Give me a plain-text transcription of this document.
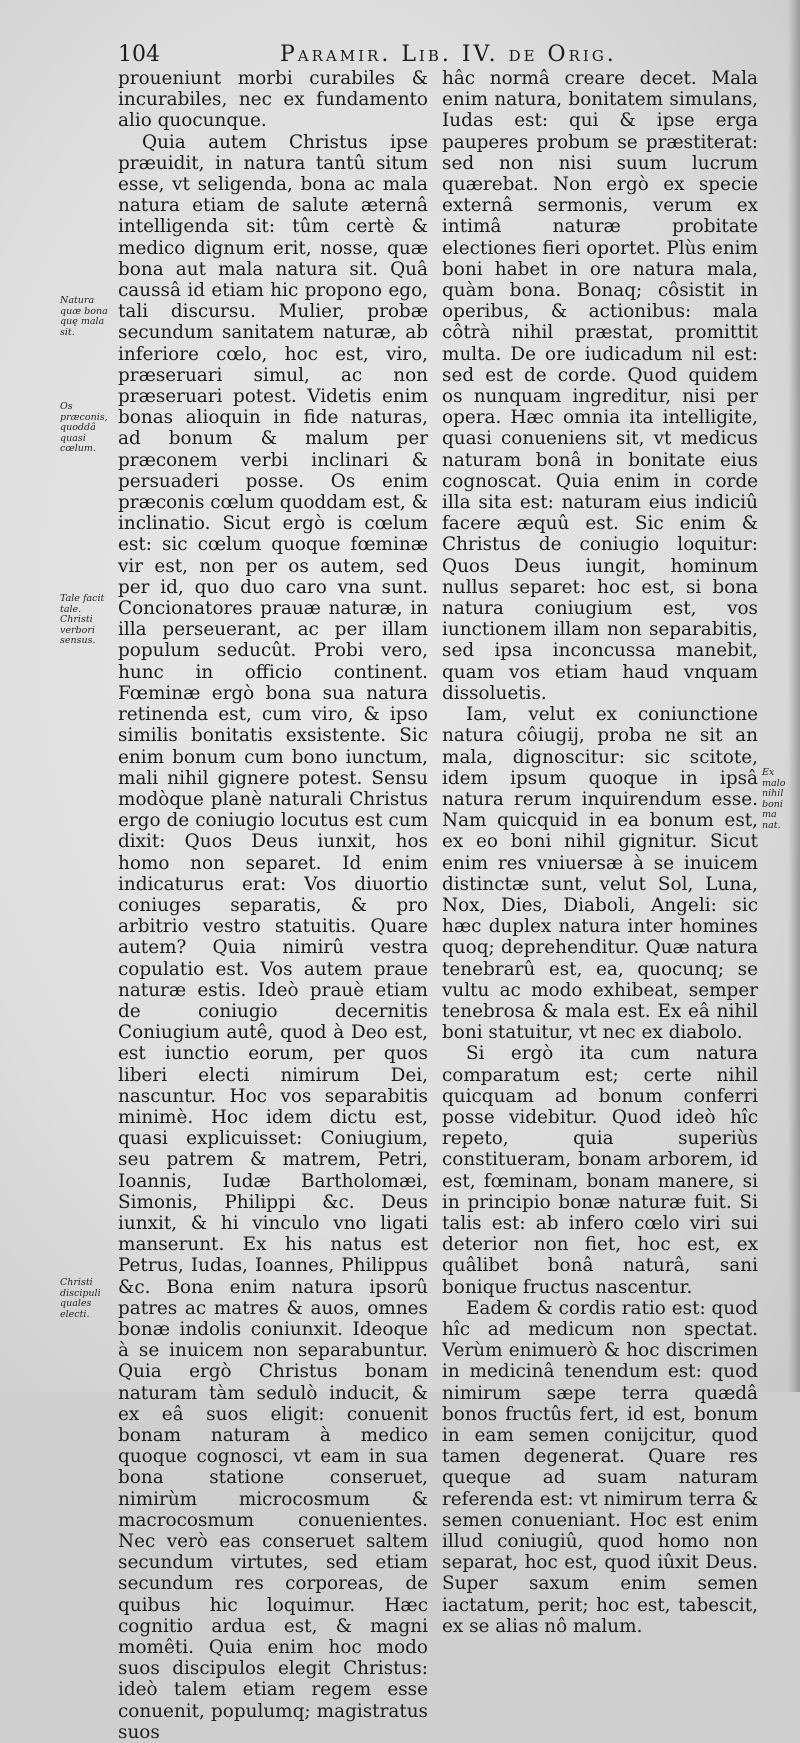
104	Paramir. Lib. IV. de Orig.

proueniunt morbi curabiles & incurabiles, nec ex fundamento alio quocunque.

Quia autem Christus ipse præuidit, in natura tantû situm esse, vt seligenda, bona ac mala natura etiam de salute æternâ intelligenda sit: tûm certè & medico dignum erit, nosse, quæ bona aut mala natura sit. Quâ caussâ id etiam hic propono ego, tali discursu. Mulier, probæ secundum sanitatem naturæ, ab inferiore cœlo, hoc est, viro, præseruari simul, ac non præseruari potest. Videtis enim bonas alioquin in fide naturas, ad bonum & malum per præconem verbi inclinari & persuaderi posse. Os enim præconis cœlum quoddam est, & inclinatio. Sicut ergò is cœlum est: sic cœlum quoque fœminæ vir est, non per os autem, sed per id, quo duo caro vna sunt. Concionatores prauæ naturæ, in illa perseuerant, ac per illam populum seducût. Probi vero, hunc in officio continent. Fœminæ ergò bona sua natura retinenda est, cum viro, & ipso similis bonitatis exsistente. Sic enim bonum cum bono iunctum, mali nihil gignere potest. Sensu modòque planè naturali Christus ergo de coniugio locutus est cum dixit: Quos Deus iunxit, hos homo non separet. Id enim indicaturus erat: Vos diuortio coniuges separatis, & pro arbitrio vestro statuitis. Quare autem? Quia nimirû vestra copulatio est. Vos autem praue naturæ estis. Ideò prauè etiam de coniugio decernitis Coniugium autê, quod à Deo est, est iunctio eorum, per quos liberi electi nimirum Dei, nascuntur. Hoc vos separabitis minimè. Hoc idem dictu est, quasi explicuisset: Coniugium, seu patrem & matrem, Petri, Ioannis, Iudæ Bartholomæi, Simonis, Philippi &c. Deus iunxit, & hi vinculo vno ligati manserunt. Ex his natus est Petrus, Iudas, Ioannes, Philippus &c. Bona enim natura ipsorû patres ac matres & auos, omnes bonæ indolis coniunxit. Ideoque à se inuicem non separabuntur. Quia ergò Christus bonam naturam tàm sedulò inducit, & ex eâ suos eligit: conuenit bonam naturam à medico quoque cognosci, vt eam in sua bona statione conseruet, nimirùm microcosmum & macrocosmum conuenientes. Nec verò eas conseruet saltem secundum virtutes, sed etiam secundum res corporeas, de quibus hic loquimur. Hæc cognitio ardua est, & magni momêti. Quia enim hoc modo suos discipulos elegit Christus: ideò talem etiam regem esse conuenit, populumq; magistratus suos

hâc normâ creare decet. Mala enim natura, bonitatem simulans, Iudas est: qui & ipse erga pauperes probum se præstiterat: sed non nisi suum lucrum quærebat. Non ergò ex specie externâ sermonis, verum ex intimâ naturæ probitate electiones fieri oportet. Plùs enim boni habet in ore natura mala, quàm bona. Bonaq; côsistit in operibus, & actionibus: mala côtrà nihil præstat, promittit multa. De ore iudicadum nil est: sed est de corde. Quod quidem os nunquam ingreditur, nisi per opera. Hæc omnia ita intelligite, quasi conueniens sit, vt medicus naturam bonâ in bonitate eius cognoscat. Quia enim in corde illa sita est: naturam eius indiciû facere æquû est. Sic enim & Christus de coniugio loquitur: Quos Deus iungit, hominum nullus separet: hoc est, si bona natura coniugium est, vos iunctionem illam non separabitis, sed ipsa inconcussa manebit, quam vos etiam haud vnquam dissoluetis.

Iam, velut ex coniunctione natura côiugij, proba ne sit an mala, dignoscitur: sic scitote, idem ipsum quoque in ipsâ natura rerum inquirendum esse. Nam quicquid in ea bonum est, ex eo boni nihil gignitur. Sicut enim res vniuersæ à se inuicem distinctæ sunt, velut Sol, Luna, Nox, Dies, Diaboli, Angeli: sic hæc duplex natura inter homines quoq; deprehenditur. Quæ natura tenebrarû est, ea, quocunq; se vultu ac modo exhibeat, semper tenebrosa & mala est. Ex eâ nihil boni statuitur, vt nec ex diabolo.

Si ergò ita cum natura comparatum est; certe nihil quicquam ad bonum conferri posse videbitur. Quod ideò hîc repeto, quia superiùs constitueram, bonam arborem, id est, fœminam, bonam manere, si in principio bonæ naturæ fuit. Si talis est: ab infero cœlo viri sui deterior non fiet, hoc est, ex quâlibet bonâ naturâ, sani bonique fructus nascentur.

Eadem & cordis ratio est: quod hîc ad medicum non spectat. Verùm enimuerò & hoc discrimen in medicinâ tenendum est: quod nimirum sæpe terra quædâ bonos fructûs fert, id est, bonum in eam semen conijcitur, quod tamen degenerat. Quare res queque ad suam naturam referenda est: vt nimirum terra & semen conueniant. Hoc est enim illud coniugiû, quod homo non separat, hoc est, quod iûxit Deus. Super saxum enim semen iactatum, perit; hoc est, tabescit, ex se alias nô malum.

Natura quæ bona quę mala sit.
Os præconis, quoddâ quasi cœlum.
Tale facit tale. Christi verbori sensus.
Ex malo nihil boni ma nat.
Christi discipuli quales electi.
